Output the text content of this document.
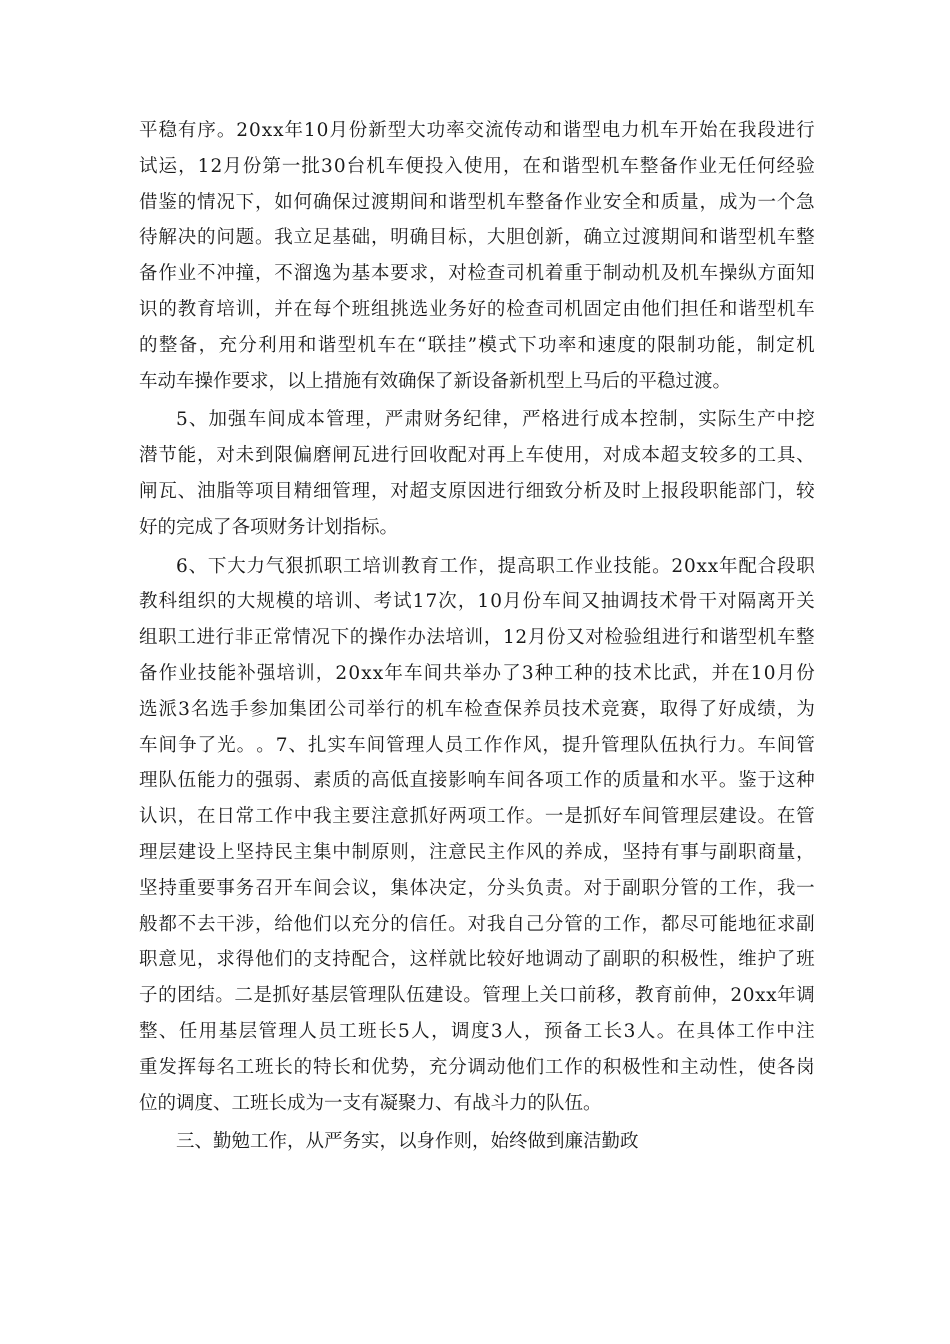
平 稳 有 序 。 2 0 x x 年 1 0 月 份 新 型 大 功 率 交 流 传 动 和 谐 型 电 力 机 车 开 始 在 我 段 进 行
试 运 ， 1 2 月 份 第 一 批 3 0 台 机 车 便 投 入 使 用 ， 在 和 谐 型 机 车 整 备 作 业 无 任 何 经 验
借 鉴 的 情 况 下 ， 如 何 确 保 过 渡 期 间 和 谐 型 机 车 整 备 作 业 安 全 和 质 量 ， 成 为 一 个 急
待 解 决 的 问 题 。 我 立 足 基 础 ， 明 确 目 标 ， 大 胆 创 新 ， 确 立 过 渡 期 间 和 谐 型 机 车 整
备 作 业 不 冲 撞 ， 不 溜 逸 为 基 本 要 求 ， 对 检 查 司 机 着 重 于 制 动 机 及 机 车 操 纵 方 面 知
识 的 教 育 培 训 ， 并 在 每 个 班 组 挑 选 业 务 好 的 检 查 司 机 固 定 由 他 们 担 任 和 谐 型 机 车
的 整 备 ， 充 分 利 用 和 谐 型 机 车 在 “ 联 挂 ” 模 式 下 功 率 和 速 度 的 限 制 功 能 ， 制 定 机
车动车操作要求，以上措施有效确保了新设备新机型上马后的平稳过渡。
5 、 加 强 车 间 成 本 管 理 ， 严 肃 财 务 纪 律 ， 严 格 进 行 成 本 控 制 ， 实 际 生 产 中 挖
潜 节 能 ， 对 未 到 限 偏 磨 闸 瓦 进 行 回 收 配 对 再 上 车 使 用 ， 对 成 本 超 支 较 多 的 工 具 、
闸 瓦 、 油 脂 等 项 目 精 细 管 理 ， 对 超 支 原 因 进 行 细 致 分 析 及 时 上 报 段 职 能 部 门 ， 较
好的完成了各项财务计划指标。
6 、 下 大 力 气 狠 抓 职 工 培 训 教 育 工 作 ， 提 高 职 工 作 业 技 能 。 2 0 x x 年 配 合 段 职
教 科 组 织 的 大 规 模 的 培 训 、 考 试 1 7 次 ， 1 0 月 份 车 间 又 抽 调 技 术 骨 干 对 隔 离 开 关
组 职 工 进 行 非 正 常 情 况 下 的 操 作 办 法 培 训 ， 1 2 月 份 又 对 检 验 组 进 行 和 谐 型 机 车 整
备 作 业 技 能 补 强 培 训 ， 2 0 x x 年 车 间 共 举 办 了 3 种 工 种 的 技 术 比 武 ， 并 在 1 0 月 份
选 派 3 名 选 手 参 加 集 团 公 司 举 行 的 机 车 检 查 保 养 员 技 术 竞 赛 ， 取 得 了 好 成 绩 ， 为
车 间 争 了 光 。 。 7 、 扎 实 车 间 管 理 人 员 工 作 作 风 ， 提 升 管 理 队 伍 执 行 力 。 车 间 管
理 队 伍 能 力 的 强 弱 、 素 质 的 高 低 直 接 影 响 车 间 各 项 工 作 的 质 量 和 水 平 。 鉴 于 这 种
认 识 ， 在 日 常 工 作 中 我 主 要 注 意 抓 好 两 项 工 作 。 一 是 抓 好 车 间 管 理 层 建 设 。 在 管
理 层 建 设 上 坚 持 民 主 集 中 制 原 则 ， 注 意 民 主 作 风 的 养 成 ， 坚 持 有 事 与 副 职 商 量 ，
坚 持 重 要 事 务 召 开 车 间 会 议 ， 集 体 决 定 ， 分 头 负 责 。 对 于 副 职 分 管 的 工 作 ， 我 一
般 都 不 去 干 涉 ， 给 他 们 以 充 分 的 信 任 。 对 我 自 己 分 管 的 工 作 ， 都 尽 可 能 地 征 求 副
职 意 见 ， 求 得 他 们 的 支 持 配 合 ， 这 样 就 比 较 好 地 调 动 了 副 职 的 积 极 性 ， 维 护 了 班
子 的 团 结 。 二 是 抓 好 基 层 管 理 队 伍 建 设 。 管 理 上 关 口 前 移 ， 教 育 前 伸 ， 2 0 x x 年 调
整 、 任 用 基 层 管 理 人 员 工 班 长 5 人 ， 调 度 3 人 ， 预 备 工 长 3 人 。 在 具 体 工 作 中 注
重 发 挥 每 名 工 班 长 的 特 长 和 优 势 ， 充 分 调 动 他 们 工 作 的 积 极 性 和 主 动 性 ， 使 各 岗
位的调度、工班长成为一支有凝聚力、有战斗力的队伍。
三、勤勉工作，从严务实，以身作则，始终做到廉洁勤政
